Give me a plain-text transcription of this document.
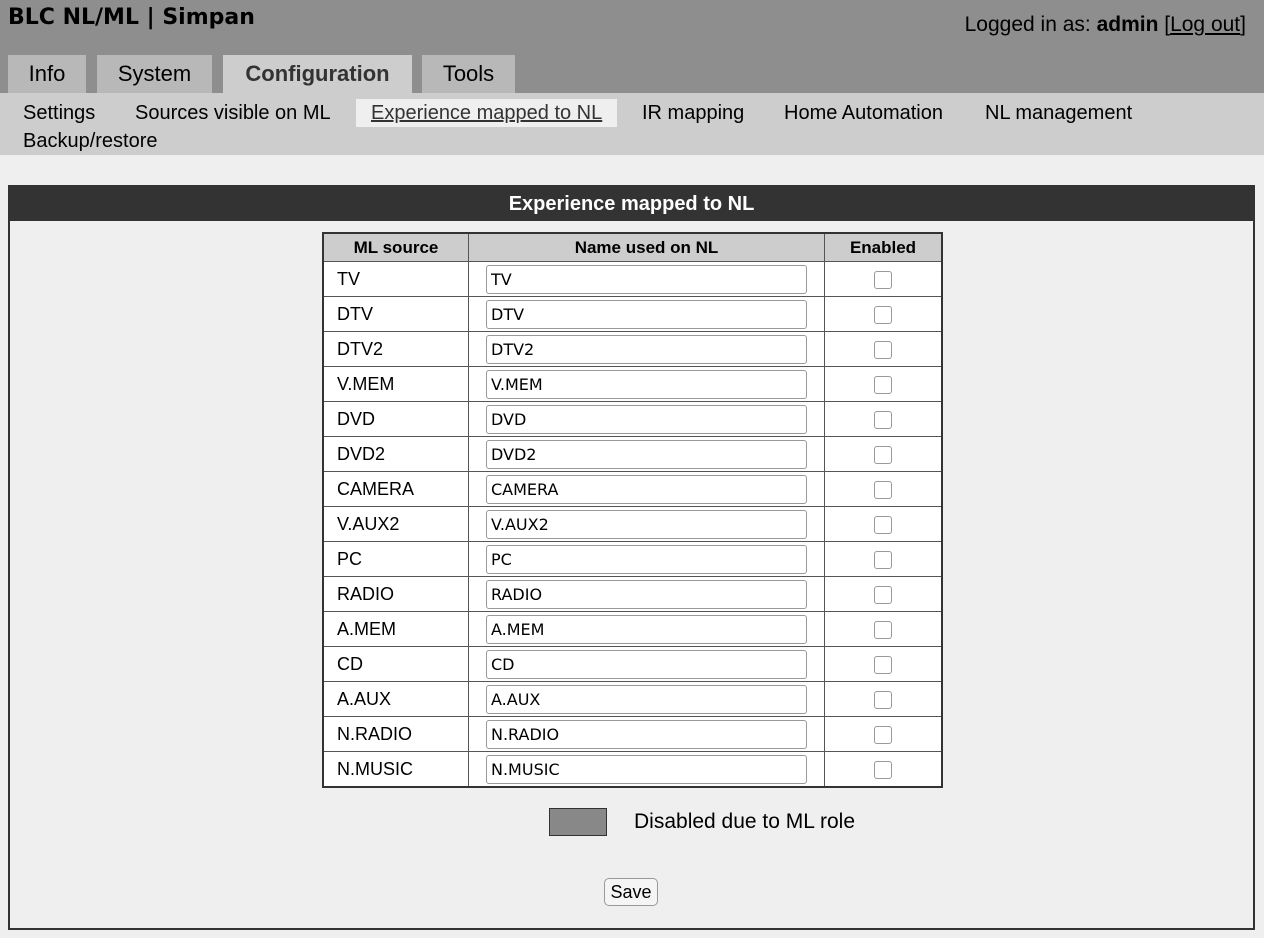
BLC NL/ML | Simpan	Logged in as: admin [Log out]
Info	System	Configuration	Tools
Settings	Sources visible on ML	Experience mapped to NL	IR mapping	Home Automation	NL management
Backup/restore
Experience mapped to NL
ML source	Name used on NL	Enabled
TV	TV	
DTV	DTV	
DTV2	DTV2	
V.MEM	V.MEM	
DVD	DVD	
DVD2	DVD2	
CAMERA	CAMERA	
V.AUX2	V.AUX2	
PC	PC	
RADIO	RADIO	
A.MEM	A.MEM	
CD	CD	
A.AUX	A.AUX	
N.RADIO	N.RADIO	
N.MUSIC	N.MUSIC	
Disabled due to ML role
Save
